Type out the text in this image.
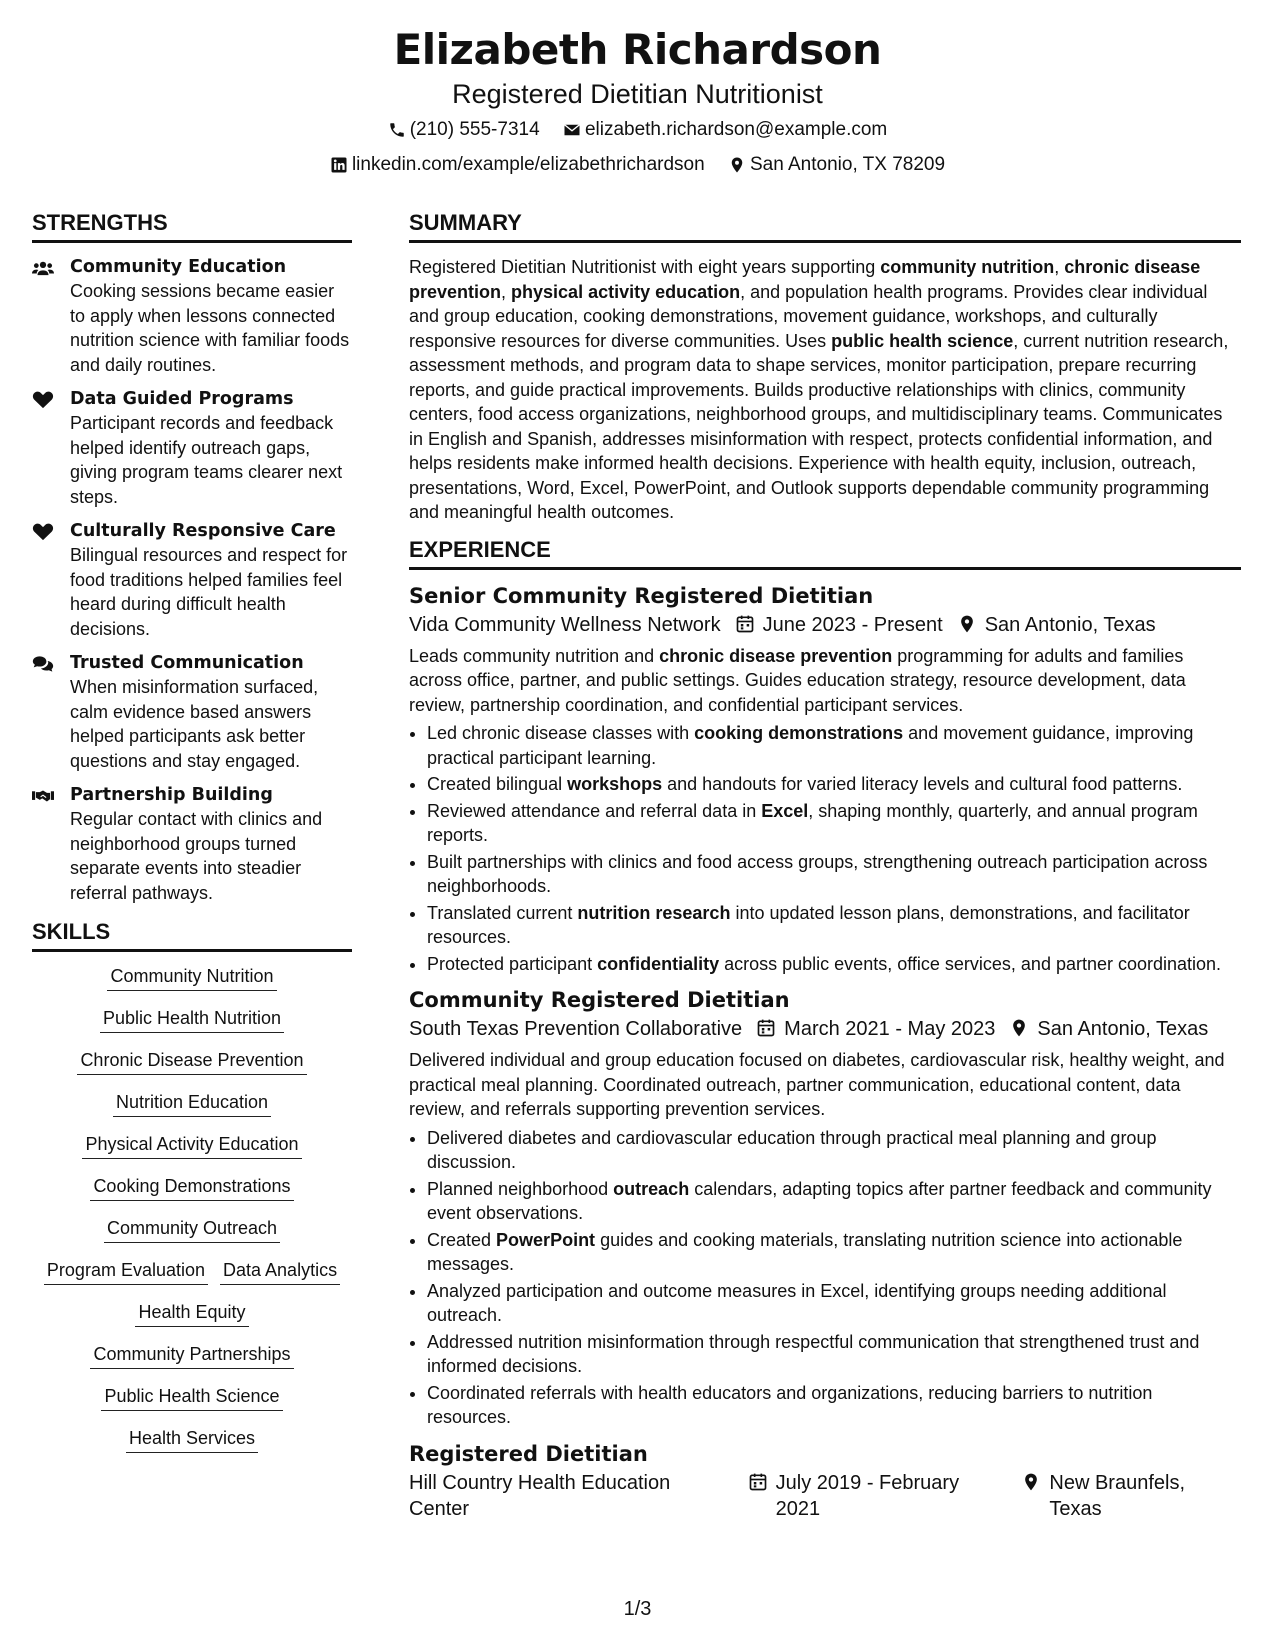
Elizabeth Richardson
Registered Dietitian Nutritionist
(210) 555-7314
elizabeth.richardson@example.com
linkedin.com/example/elizabethrichardson
San Antonio, TX 78209
STRENGTHS
Community Education
Cooking sessions became easier to apply when lessons connected nutrition science with familiar foods and daily routines.
Data Guided Programs
Participant records and feedback helped identify outreach gaps, giving program teams clearer next steps.
Culturally Responsive Care
Bilingual resources and respect for food traditions helped families feel heard during difficult health decisions.
Trusted Communication
When misinformation surfaced, calm evidence based answers helped participants ask better questions and stay engaged.
Partnership Building
Regular contact with clinics and neighborhood groups turned separate events into steadier referral pathways.
SKILLS
Community Nutrition
Public Health Nutrition
Chronic Disease Prevention
Nutrition Education
Physical Activity Education
Cooking Demonstrations
Community Outreach
Program Evaluation Data Analytics
Health Equity
Community Partnerships
Public Health Science
Health Services
SUMMARY
Registered Dietitian Nutritionist with eight years supporting community nutrition, chronic disease prevention, physical activity education, and population health programs. Provides clear individual and group education, cooking demonstrations, movement guidance, workshops, and culturally responsive resources for diverse communities. Uses public health science, current nutrition research, assessment methods, and program data to shape services, monitor participation, prepare recurring reports, and guide practical improvements. Builds productive relationships with clinics, community centers, food access organizations, neighborhood groups, and multidisciplinary teams. Communicates in English and Spanish, addresses misinformation with respect, protects confidential information, and helps residents make informed health decisions. Experience with health equity, inclusion, outreach, presentations, Word, Excel, PowerPoint, and Outlook supports dependable community programming and meaningful health outcomes.
EXPERIENCE
Senior Community Registered Dietitian
Vida Community Wellness Network June 2023 - Present San Antonio, Texas
Leads community nutrition and chronic disease prevention programming for adults and families across office, partner, and public settings. Guides education strategy, resource development, data review, partnership coordination, and confidential participant services.
• Led chronic disease classes with cooking demonstrations and movement guidance, improving practical participant learning.
• Created bilingual workshops and handouts for varied literacy levels and cultural food patterns.
• Reviewed attendance and referral data in Excel, shaping monthly, quarterly, and annual program reports.
• Built partnerships with clinics and food access groups, strengthening outreach participation across neighborhoods.
• Translated current nutrition research into updated lesson plans, demonstrations, and facilitator resources.
• Protected participant confidentiality across public events, office services, and partner coordination.
Community Registered Dietitian
South Texas Prevention Collaborative March 2021 - May 2023 San Antonio, Texas
Delivered individual and group education focused on diabetes, cardiovascular risk, healthy weight, and practical meal planning. Coordinated outreach, partner communication, educational content, data review, and referrals supporting prevention services.
• Delivered diabetes and cardiovascular education through practical meal planning and group discussion.
• Planned neighborhood outreach calendars, adapting topics after partner feedback and community event observations.
• Created PowerPoint guides and cooking materials, translating nutrition science into actionable messages.
• Analyzed participation and outcome measures in Excel, identifying groups needing additional outreach.
• Addressed nutrition misinformation through respectful communication that strengthened trust and informed decisions.
• Coordinated referrals with health educators and organizations, reducing barriers to nutrition resources.
Registered Dietitian
Hill Country Health Education Center
July 2019 - February 2021
New Braunfels, Texas
1/3
